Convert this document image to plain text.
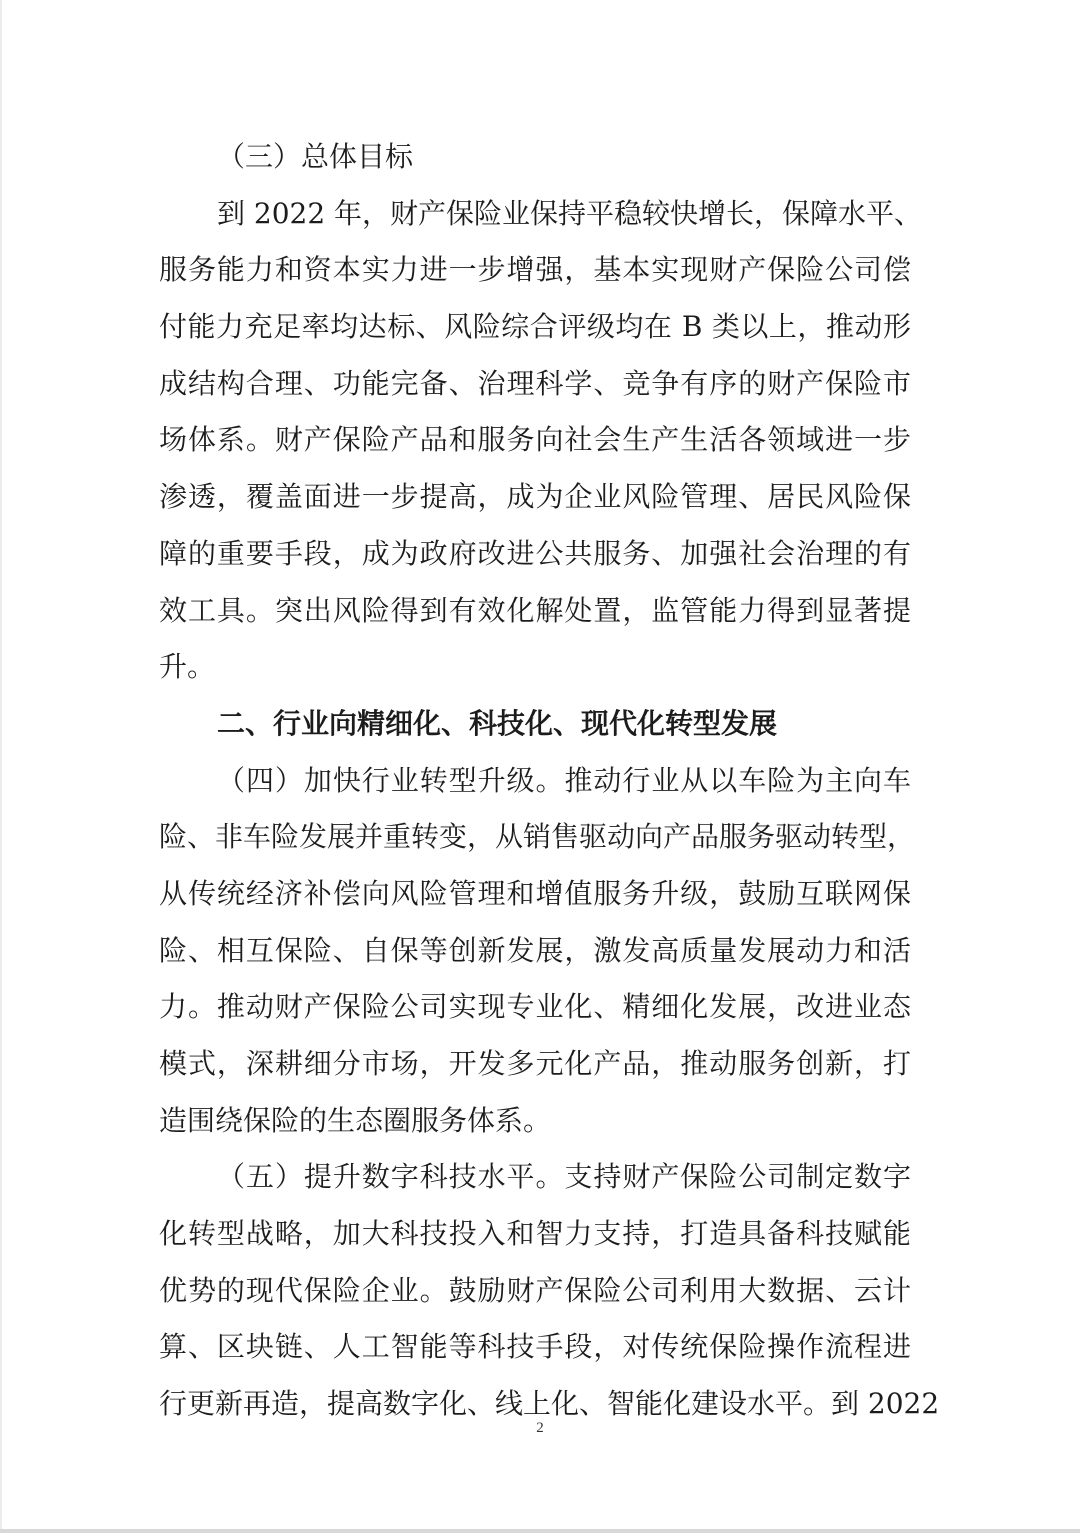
（三）总体目标
到 2022 年，财产保险业保持平稳较快增长，保障水平、
服务能力和资本实力进一步增强，基本实现财产保险公司偿
付能力充足率均达标、风险综合评级均在 B 类以上，推动形
成结构合理、功能完备、治理科学、竞争有序的财产保险市
场体系。财产保险产品和服务向社会生产生活各领域进一步
渗透，覆盖面进一步提高，成为企业风险管理、居民风险保
障的重要手段，成为政府改进公共服务、加强社会治理的有
效工具。突出风险得到有效化解处置，监管能力得到显著提
升。
二、行业向精细化、科技化、现代化转型发展
（四）加快行业转型升级。推动行业从以车险为主向车
险、非车险发展并重转变，从销售驱动向产品服务驱动转型，
从传统经济补偿向风险管理和增值服务升级，鼓励互联网保
险、相互保险、自保等创新发展，激发高质量发展动力和活
力。推动财产保险公司实现专业化、精细化发展，改进业态
模式，深耕细分市场，开发多元化产品，推动服务创新，打
造围绕保险的生态圈服务体系。
（五）提升数字科技水平。支持财产保险公司制定数字
化转型战略，加大科技投入和智力支持，打造具备科技赋能
优势的现代保险企业。鼓励财产保险公司利用大数据、云计
算、区块链、人工智能等科技手段，对传统保险操作流程进
行更新再造，提高数字化、线上化、智能化建设水平。到 2022
2
